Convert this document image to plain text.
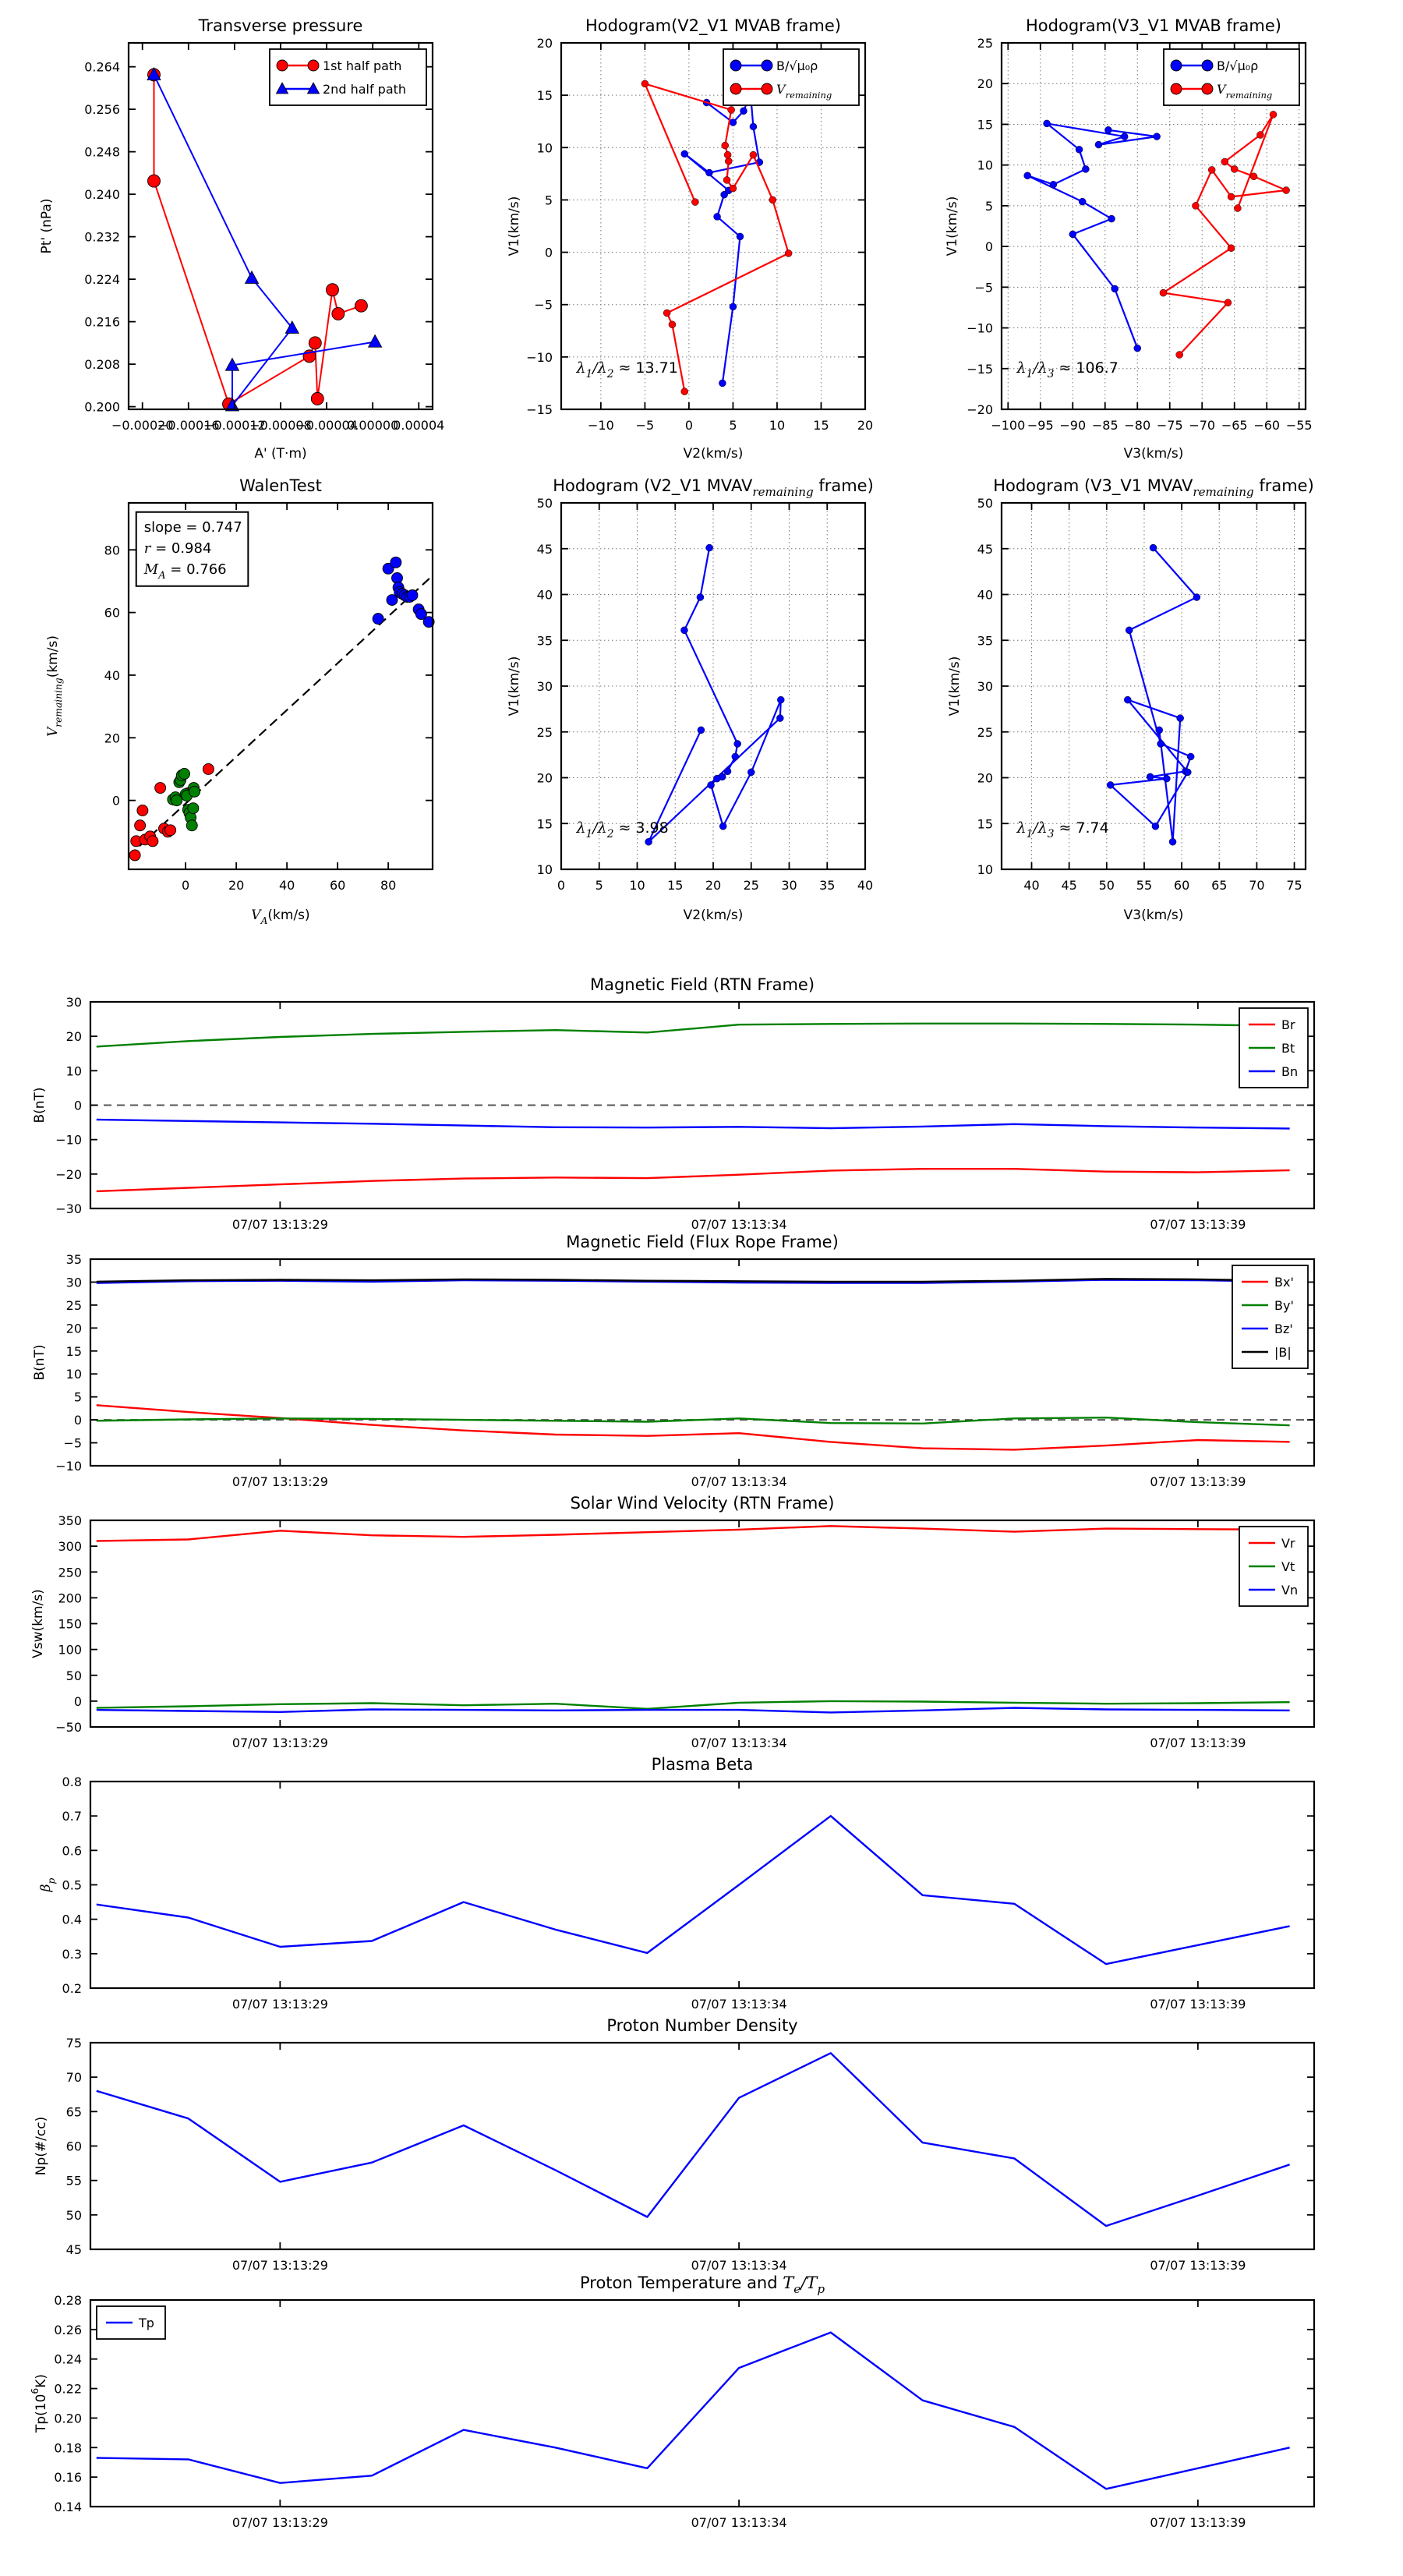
−0.00020
−0.00016
−0.00012
−0.00008
−0.00004
0.00000
0.00004
0.200
0.208
0.216
0.224
0.232
0.240
0.248
0.256
0.264
Transverse pressure
A' (T·m)
Pt' (nPa)
1st half path
2nd half path
−10 −5 0	5	10 15 20
−15
−10
−5
0
5
10
15
20
Hodogram(V2_V1 MVAB frame)
V2(km/s)
V1(km/s)
B/√μ₀ρ
$V_{remaining}$
$\lambda_1/\lambda_2 \approx 13.71$
−100 −95 −90 −85 −80 −75 −70 −65 −60 −55
−20
−15
−10
−5
0
5
10
15
20
25
Hodogram(V3_V1 MVAB frame)
V3(km/s)
V1(km/s)
B/√μ₀ρ
$V_{remaining}$
$\lambda_1/\lambda_3 \approx 106.7$
0	20	40	60	80
0
20
40
60
80
WalenTest
$V_A(km/s)$
$V_{remaining}(km/s)$
slope = 0.747
r = 0.984
$M_A = 0.766$
0 5 10 15 20 25 30 35 40
10
15
20
25
30
35
40
45
50
Hodogram (V2_V1 $MVAV_{remaining}$ frame)
V2(km/s)
V1(km/s)
$\lambda_1/\lambda_2 \approx 3.98$
40 45 50 55 60 65 70 75
10
15
20
25
30
35
40
45
50
Hodogram (V3_V1 $MVAV_{remaining}$ frame)
V3(km/s)
V1(km/s)
$\lambda_1/\lambda_3 \approx 7.74$
07/07 13:13:29	07/07 13:13:34	07/07 13:13:39
−30
−20
−10
0
10
20
30
Magnetic Field (RTN Frame)
B(nT)
Br
Bt
Bn
07/07 13:13:29	07/07 13:13:34	07/07 13:13:39
−10
−5
0
5
10
15
20
25
30
35
Magnetic Field (Flux Rope Frame)
B(nT)
Bx'
By'
Bz'
|B|
07/07 13:13:29	07/07 13:13:34	07/07 13:13:39
−50
0
50
100
150
200
250
300
350
Solar Wind Velocity (RTN Frame)
Vsw(km/s)
Vr
Vt
Vn
07/07 13:13:29	07/07 13:13:34	07/07 13:13:39
0.2
0.3
0.4
0.5
0.6
0.7
0.8
Plasma Beta
$\beta_p$
07/07 13:13:29	07/07 13:13:34	07/07 13:13:39
45
50
55
60
65
70
75
Proton Number Density
Np(#/cc)
07/07 13:13:29	07/07 13:13:34	07/07 13:13:39
0.14
0.16
0.18
0.20
0.22
0.24
0.26
0.28
Proton Temperature and $T_e/T_p$
$Tp(10^6K)$
Tp
